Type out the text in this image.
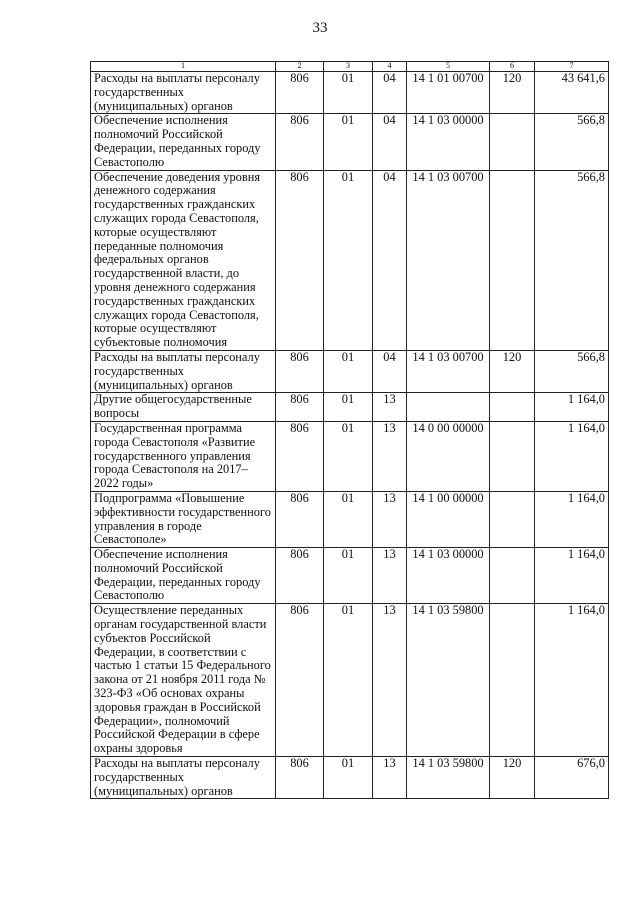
33
1	2	3	4	5	6	7
Расходы на выплаты персоналу государственных (муниципальных) органов	806	01	04	14 1 01 00700	120	43 641,6
Обеспечение исполнения полномочий Российской Федерации, переданных городу Севастополю	806	01	04	14 1 03 00000		566,8
Обеспечение доведения уровня денежного содержания государственных гражданских служащих города Севастополя, которые осуществляют переданные полномочия федеральных органов государственной власти, до уровня денежного содержания государственных гражданских служащих города Севастополя, которые осуществляют субъектовые полномочия	806	01	04	14 1 03 00700		566,8
Расходы на выплаты персоналу государственных (муниципальных) органов	806	01	04	14 1 03 00700	120	566,8
Другие общегосударственные вопросы	806	01	13			1 164,0
Государственная программа города Севастополя «Развитие государственного управления города Севастополя на 2017–2022 годы»	806	01	13	14 0 00 00000		1 164,0
Подпрограмма «Повышение эффективности государственного управления в городе Севастополе»	806	01	13	14 1 00 00000		1 164,0
Обеспечение исполнения полномочий Российской Федерации, переданных городу Севастополю	806	01	13	14 1 03 00000		1 164,0
Осуществление переданных органам государственной власти субъектов Российской Федерации, в соответствии с частью 1 статьи 15 Федерального закона от 21 ноября 2011 года № 323-ФЗ «Об основах охраны здоровья граждан в Российской Федерации», полномочий Российской Федерации в сфере охраны здоровья	806	01	13	14 1 03 59800		1 164,0
Расходы на выплаты персоналу государственных (муниципальных) органов	806	01	13	14 1 03 59800	120	676,0
